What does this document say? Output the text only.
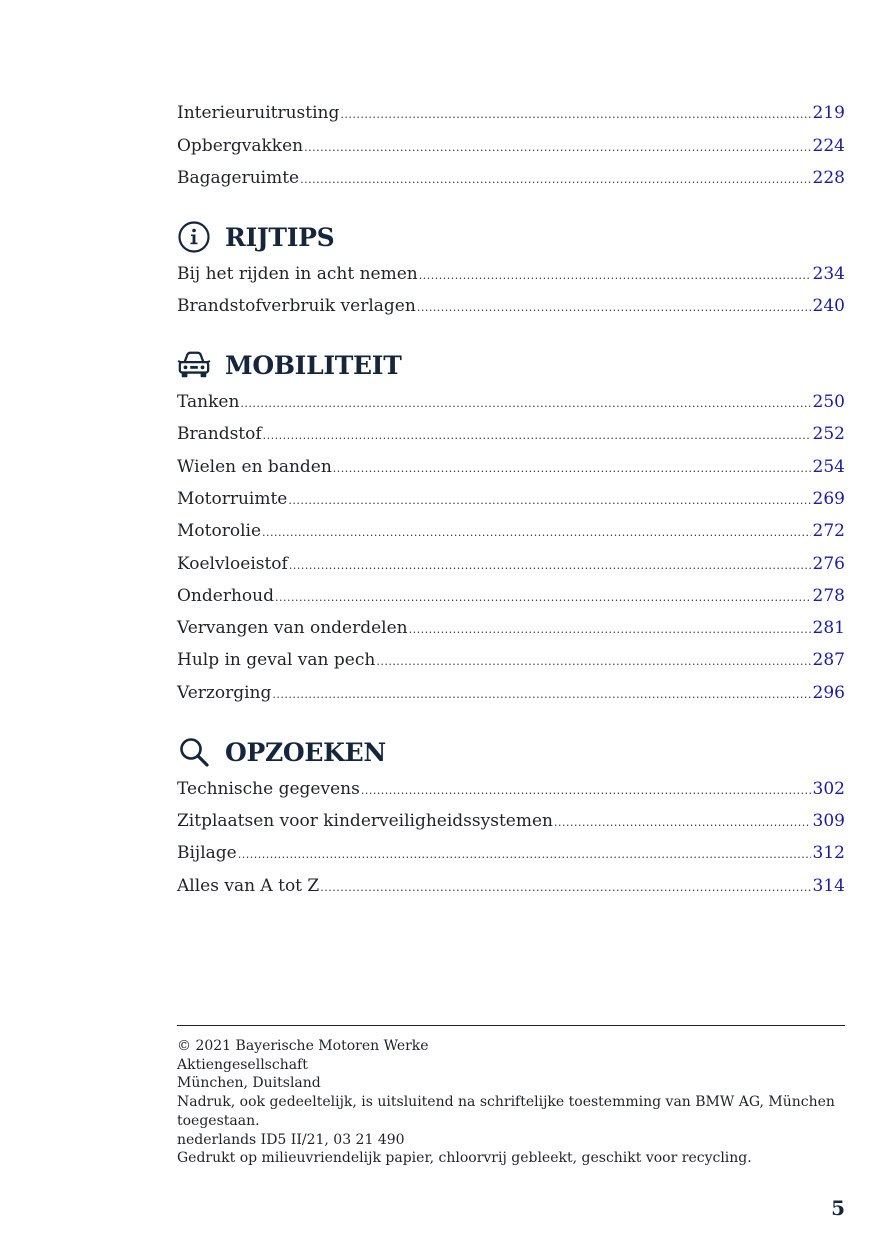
Interieuruitrusting .....	219
Opbergvakken .....	224
Bagageruimte .....	228
RIJTIPS
Bij het rijden in acht nemen .....	234
Brandstofverbruik verlagen .....	240
MOBILITEIT
Tanken .....	250
Brandstof .....	252
Wielen en banden .....	254
Motorruimte .....	269
Motorolie .....	272
Koelvloeistof .....	276
Onderhoud .....	278
Vervangen van onderdelen .....	281
Hulp in geval van pech .....	287
Verzorging .....	296
OPZOEKEN
Technische gegevens .....	302
Zitplaatsen voor kinderveiligheidssystemen .....	309
Bijlage .....	312
Alles van A tot Z .....	314
© 2021 Bayerische Motoren Werke
Aktiengesellschaft
München, Duitsland
Nadruk, ook gedeeltelijk, is uitsluitend na schriftelijke toestemming van BMW AG, München toegestaan.
nederlands ID5 II/21, 03 21 490
Gedrukt op milieuvriendelijk papier, chloorvrij gebleekt, geschikt voor recycling.
5
